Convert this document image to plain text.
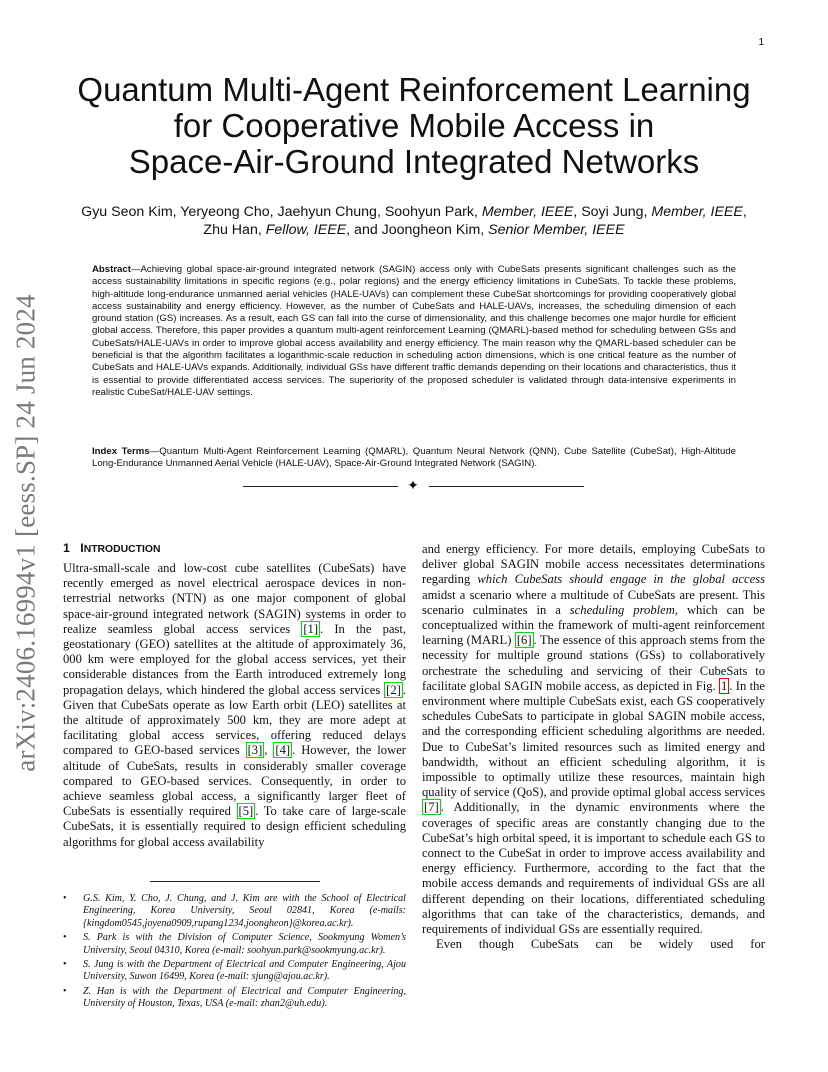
1
arXiv:2406.16994v1 [eess.SP] 24 Jun 2024
Quantum Multi-Agent Reinforcement Learning
for Cooperative Mobile Access in
Space-Air-Ground Integrated Networks
Gyu Seon Kim, Yeryeong Cho, Jaehyun Chung, Soohyun Park, Member, IEEE, Soyi Jung, Member, IEEE,
Zhu Han, Fellow, IEEE, and Joongheon Kim, Senior Member, IEEE
Abstract—Achieving global space-air-ground integrated network (SAGIN) access only with CubeSats presents significant challenges such as the access sustainability limitations in specific regions (e.g., polar regions) and the energy efficiency limitations in CubeSats. To tackle these problems, high-altitude long-endurance unmanned aerial vehicles (HALE-UAVs) can complement these CubeSat shortcomings for providing cooperatively global access sustainability and energy efficiency. However, as the number of CubeSats and HALE-UAVs, increases, the scheduling dimension of each ground station (GS) increases. As a result, each GS can fall into the curse of dimensionality, and this challenge becomes one major hurdle for efficient global access. Therefore, this paper provides a quantum multi-agent reinforcement Learning (QMARL)-based method for scheduling between GSs and CubeSats/HALE-UAVs in order to improve global access availability and energy efficiency. The main reason why the QMARL-based scheduler can be beneficial is that the algorithm facilitates a logarithmic-scale reduction in scheduling action dimensions, which is one critical feature as the number of CubeSats and HALE-UAVs expands. Additionally, individual GSs have different traffic demands depending on their locations and characteristics, thus it is essential to provide differentiated access services. The superiority of the proposed scheduler is validated through data-intensive experiments in realistic CubeSat/HALE-UAV settings.
Index Terms—Quantum Multi-Agent Reinforcement Learning (QMARL), Quantum Neural Network (QNN), Cube Satellite (CubeSat), High-Altitude Long-Endurance Unmanned Aerial Vehicle (HALE-UAV), Space-Air-Ground Integrated Network (SAGIN).
✦
1 INTRODUCTION
Ultra-small-scale and low-cost cube satellites (CubeSats) have recently emerged as novel electrical aerospace devices in non-terrestrial networks (NTN) as one major component of global space-air-ground integrated network (SAGIN) systems in order to realize seamless global access services [1] . In the past, geostationary (GEO) satellites at the altitude of approximately 36, 000 km were employed for the global access services, yet their considerable distances from the Earth introduced extremely long propagation delays, which hindered the global access services [2] . Given that CubeSats operate as low Earth orbit (LEO) satellites at the altitude of approximately 500 km, they are more adept at facilitating global access services, offering reduced delays compared to GEO-based services [3] , [4] . However, the lower altitude of CubeSats, results in considerably smaller coverage compared to GEO-based services. Consequently, in order to achieve seamless global access, a significantly larger fleet of CubeSats is essentially required [5] . To take care of large-scale CubeSats, it is essentially required to design efficient scheduling algorithms for global access availability
and energy efficiency. For more details, employing CubeSats to deliver global SAGIN mobile access necessitates determinations regarding which CubeSats should engage in the global access amidst a scenario where a multitude of CubeSats are present. This scenario culminates in a scheduling problem, which can be conceptualized within the framework of multi-agent reinforcement learning (MARL) [6] . The essence of this approach stems from the necessity for multiple ground stations (GSs) to collaboratively orchestrate the scheduling and servicing of their CubeSats to facilitate global SAGIN mobile access, as depicted in Fig. 1 . In the environment where multiple CubeSats exist, each GS cooperatively schedules CubeSats to participate in global SAGIN mobile access, and the corresponding efficient scheduling algorithms are needed. Due to CubeSat’s limited resources such as limited energy and bandwidth, without an efficient scheduling algorithm, it is impossible to optimally utilize these resources, maintain high quality of service (QoS), and provide optimal global access services [7] . Additionally, in the dynamic environments where the coverages of specific areas are constantly changing due to the CubeSat’s high orbital speed, it is important to schedule each GS to connect to the CubeSat in order to improve access availability and energy efficiency. Furthermore, according to the fact that the mobile access demands and requirements of individual GSs are all different depending on their locations, differentiated scheduling algorithms that can take of the characteristics, demands, and requirements of individual GSs are essentially required.
Even though CubeSats can be widely used for
• G.S. Kim, Y. Cho, J. Chung, and J. Kim are with the School of Electrical Engineering, Korea University, Seoul 02841, Korea (e-mails: {kingdom0545,joyena0909,rupang1234,joongheon}@korea.ac.kr).
• S. Park is with the Division of Computer Science, Sookmyung Women’s University, Seoul 04310, Korea (e-mail: soohyun.park@sookmyung.ac.kr).
• S. Jung is with the Department of Electrical and Computer Engineering, Ajou University, Suwon 16499, Korea (e-mail: sjung@ajou.ac.kr).
• Z. Han is with the Department of Electrical and Computer Engineering, University of Houston, Texas, USA (e-mail: zhan2@uh.edu).
